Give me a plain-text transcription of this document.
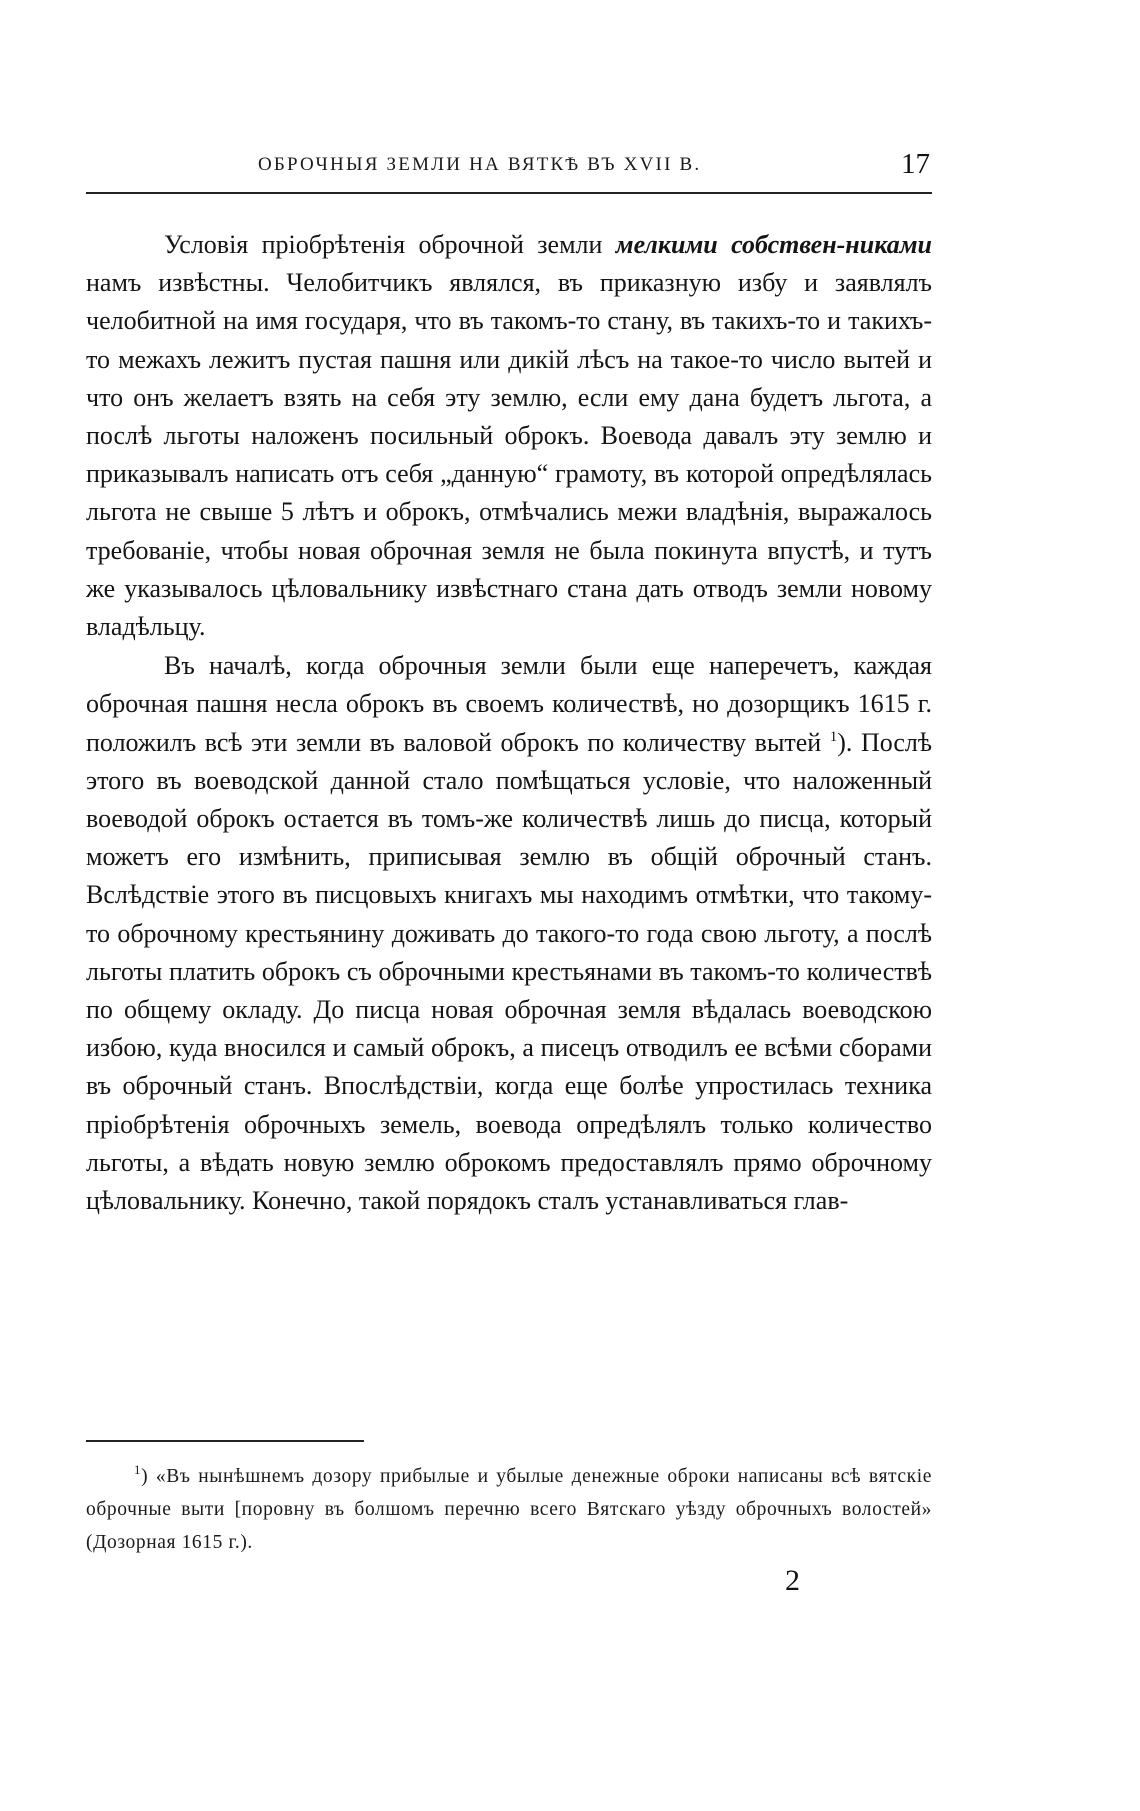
ОБРОЧНЫЯ ЗЕМЛИ НА ВЯТКѢ ВЪ XVII В.	17

Условія пріобрѣтенія оброчной земли мелкими собствен-никами намъ извѣстны. Челобитчикъ являлся, въ приказную избу и заявлялъ челобитной на имя государя, что въ такомъ-то стану, въ такихъ-то и такихъ-то межахъ лежитъ пустая пашня или дикій лѣсъ на такое-то число вытей и что онъ желаетъ взять на себя эту землю, если ему дана будетъ льгота, а послѣ льготы наложенъ посильный оброкъ. Воевода давалъ эту землю и приказывалъ написать отъ себя „данную“ грамоту, въ которой опредѣлялась льгота не свыше 5 лѣтъ и оброкъ, отмѣчались межи владѣнія, выражалось требованіе, чтобы новая оброчная земля не была покинута впустѣ, и тутъ же указывалось цѣловальнику извѣстнаго стана дать отводъ земли новому владѣльцу.

Въ началѣ, когда оброчныя земли были еще наперечетъ, каждая оброчная пашня несла оброкъ въ своемъ количествѣ, но дозорщикъ 1615 г. положилъ всѣ эти земли въ валовой оброкъ по количеству вытей $^1$). Послѣ этого въ воеводской данной стало помѣщаться условіе, что наложенный воеводой оброкъ остается въ томъ-же количествѣ лишь до писца, который можетъ его измѣнить, приписывая землю въ общій оброчный станъ. Вслѣдствіе этого въ писцовыхъ книгахъ мы находимъ отмѣтки, что такому-то оброчному крестьянину доживать до такого-то года свою льготу, а послѣ льготы платить оброкъ съ оброчными крестьянами въ такомъ-то количествѣ по общему окладу. До писца новая оброчная земля вѣдалась воеводскою избою, куда вносился и самый оброкъ, а писецъ отводилъ ее всѣми сборами въ оброчный станъ. Впослѣдствіи, когда еще болѣе упростилась техника пріобрѣтенія оброчныхъ земель, воевода опредѣлялъ только количество льготы, а вѣдать новую землю оброкомъ предоставлялъ прямо оброчному цѣловальнику. Конечно, такой порядокъ сталъ устанавливаться глав-

1) «Въ нынѣшнемъ дозору прибылые и убылые денежные оброки написаны всѣ вятскіе оброчные выти [поровну въ болшомъ перечню всего Вятскаго уѣзду оброчныхъ волостей» (Дозорная 1615 г.).
2
